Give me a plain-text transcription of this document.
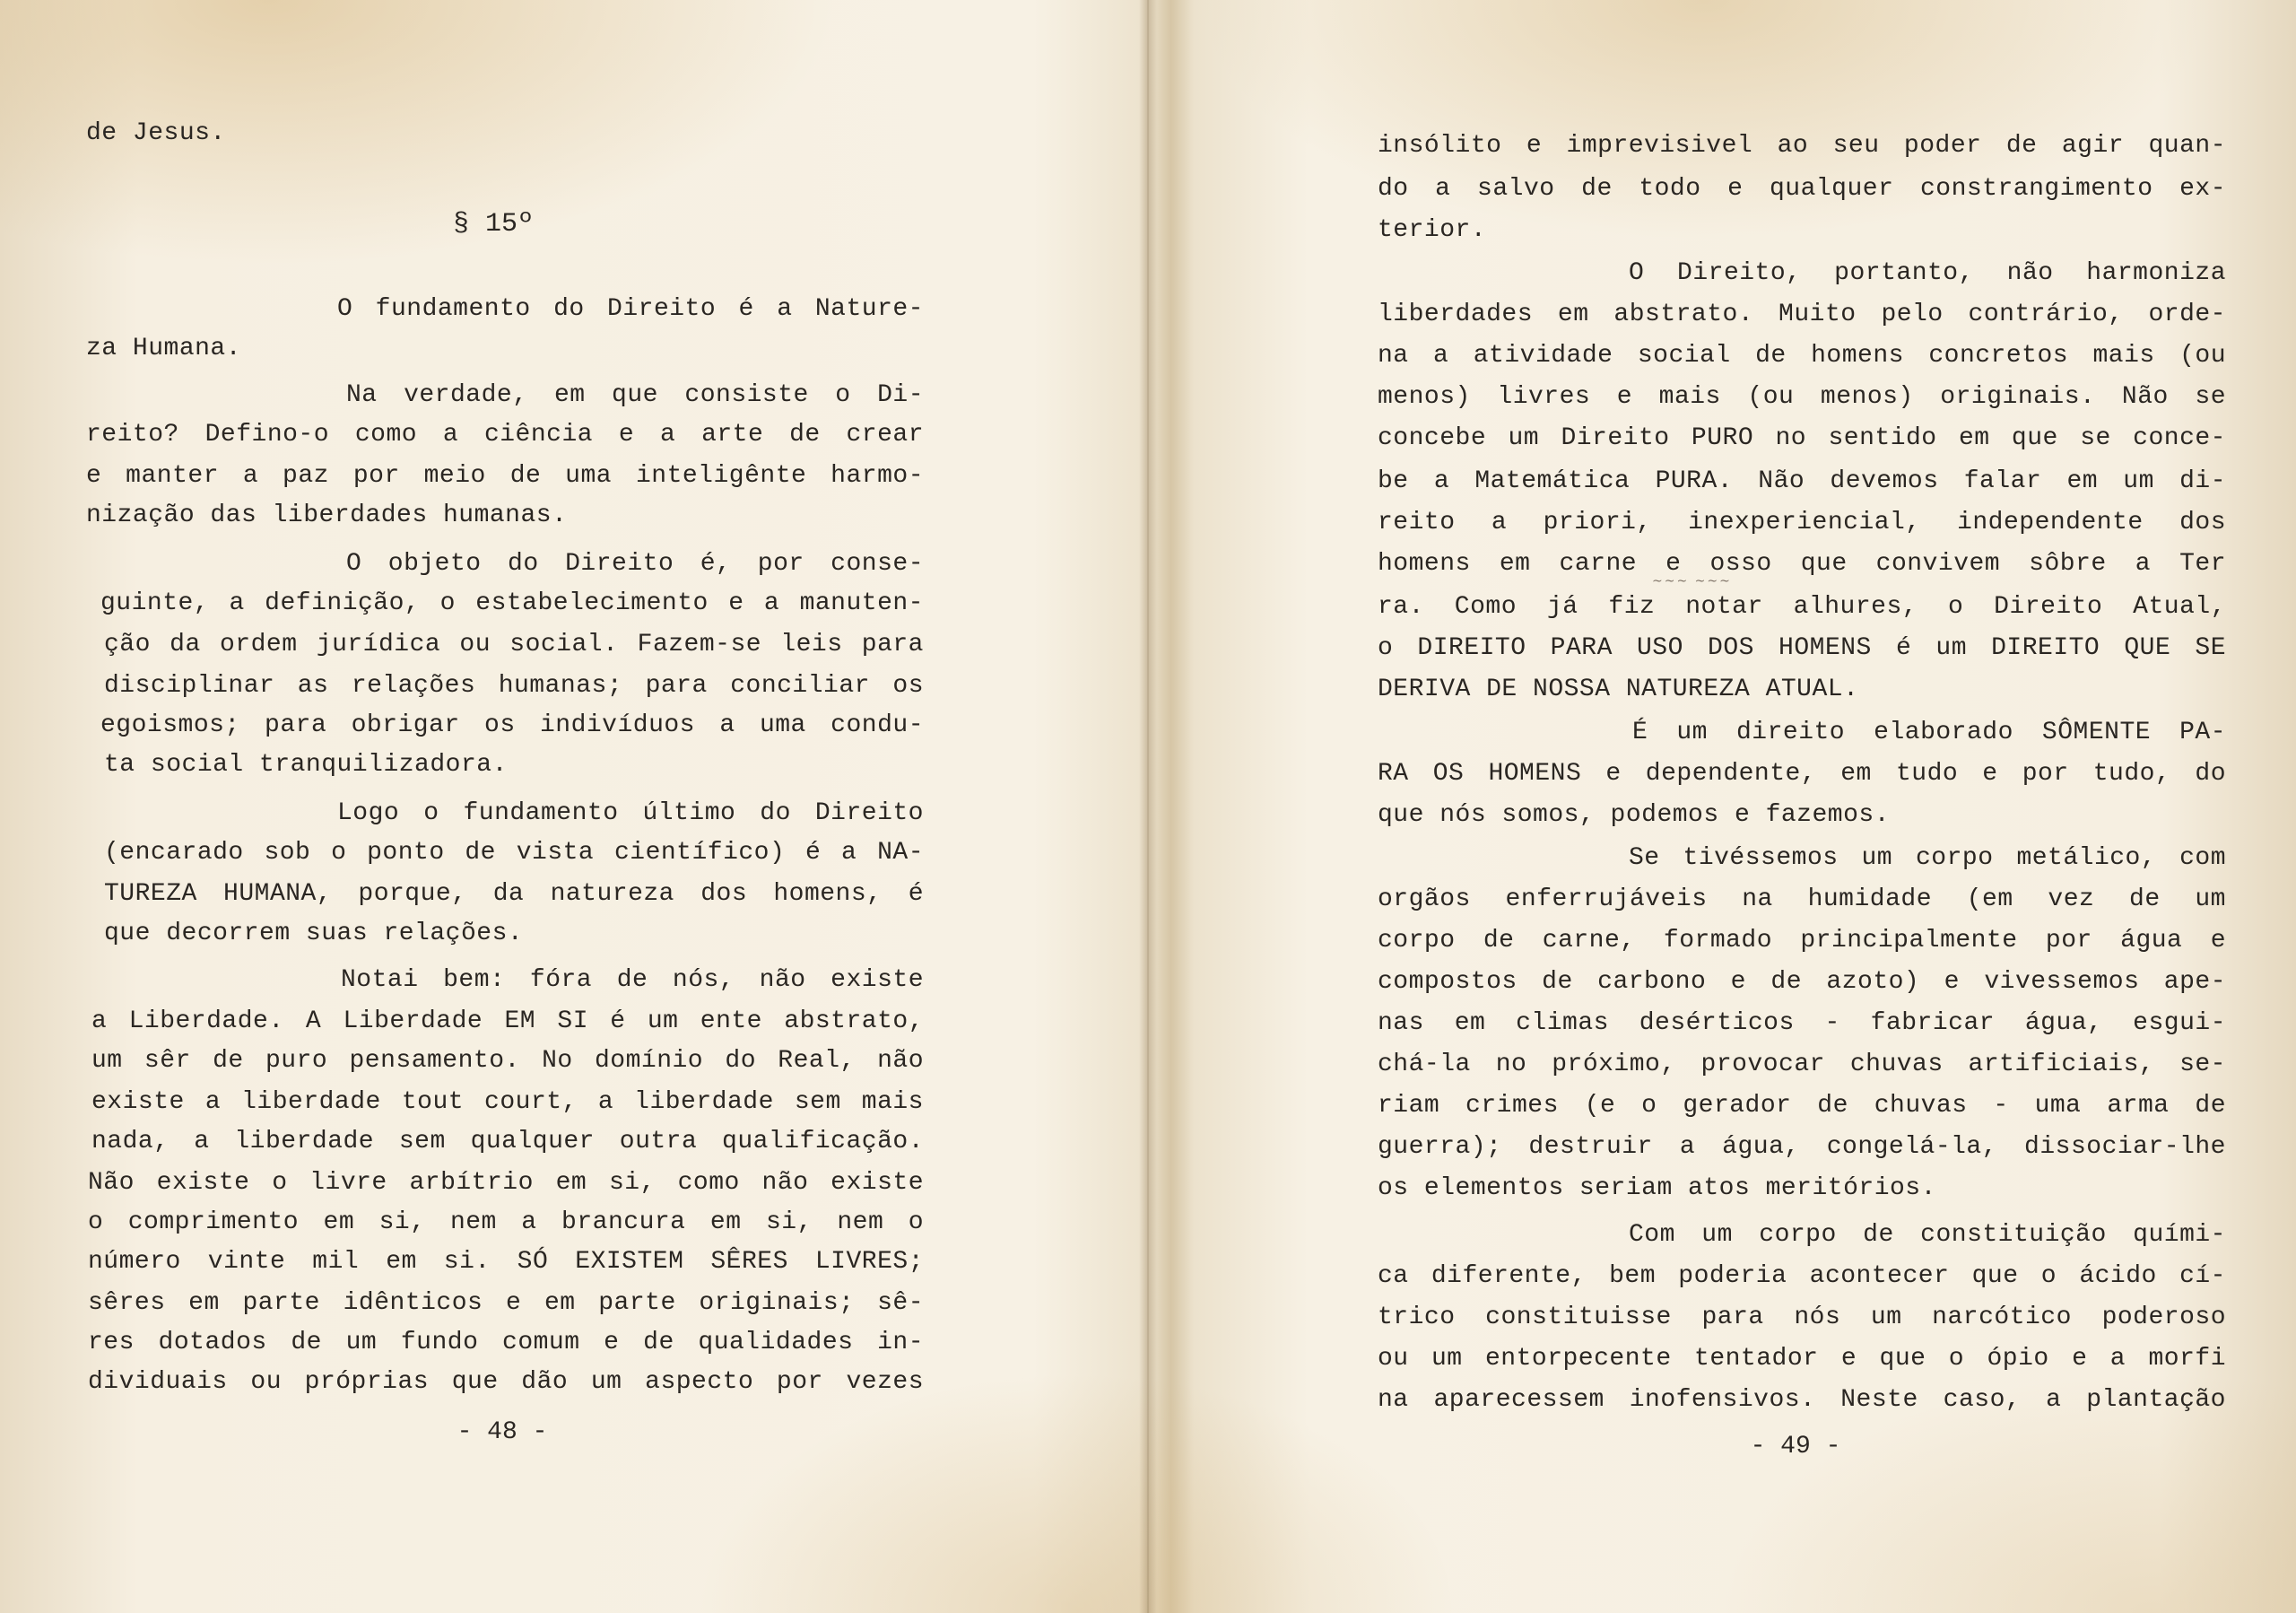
de Jesus.
§ 15º
O fundamento do Direito é a Nature-
za Humana.
Na verdade, em que consiste o Di-
reito? Defino-o como a ciência e a arte de crear
e manter a paz por meio de uma inteligênte harmo-
nização das liberdades humanas.
O objeto do Direito é, por conse-
guinte, a definição, o estabelecimento e a manuten-
ção da ordem jurídica ou social. Fazem-se leis para
disciplinar as relações humanas; para conciliar os
egoismos; para obrigar os indivíduos a uma condu-
ta social tranquilizadora.
Logo o fundamento último do Direito
(encarado sob o ponto de vista científico) é a NA-
TUREZA HUMANA, porque, da natureza dos homens, é
que decorrem suas relações.
Notai bem: fóra de nós, não existe
a Liberdade. A Liberdade EM SI é um ente abstrato,
um sêr de puro pensamento. No domínio do Real, não
existe a liberdade tout court, a liberdade sem mais
nada, a liberdade sem qualquer outra qualificação.
Não existe o livre arbítrio em si, como não existe
o comprimento em si, nem a brancura em si, nem o
número vinte mil em si. SÓ EXISTEM SÊRES LIVRES;
sêres em parte idênticos e em parte originais; sê-
res dotados de um fundo comum e de qualidades in-
dividuais ou próprias que dão um aspecto por vezes
- 48 -
insólito e imprevisivel ao seu poder de agir quan-
do a salvo de todo e qualquer constrangimento ex-
terior.
O Direito, portanto, não harmoniza
liberdades em abstrato. Muito pelo contrário, orde-
na a atividade social de homens concretos mais (ou
menos) livres e mais (ou menos) originais. Não se
concebe um Direito PURO no sentido em que se conce-
be a Matemática PURA. Não devemos falar em um di-
reito a priori, inexperiencial, independente dos
homens em carne e osso que convivem sôbre a Ter
~~~ ~~~
ra. Como já fiz notar alhures, o Direito Atual,
o DIREITO PARA USO DOS HOMENS é um DIREITO QUE SE
DERIVA DE NOSSA NATUREZA ATUAL.
É um direito elaborado SÔMENTE PA-
RA OS HOMENS e dependente, em tudo e por tudo, do
que nós somos, podemos e fazemos.
Se tivéssemos um corpo metálico, com
orgãos enferrujáveis na humidade (em vez de um
corpo de carne, formado principalmente por água e
compostos de carbono e de azoto) e vivessemos ape-
nas em climas desérticos - fabricar água, esgui-
chá-la no próximo, provocar chuvas artificiais, se-
riam crimes (e o gerador de chuvas - uma arma de
guerra); destruir a água, congelá-la, dissociar-lhe
os elementos seriam atos meritórios.
Com um corpo de constituição quími-
ca diferente, bem poderia acontecer que o ácido cí-
trico constituisse para nós um narcótico poderoso
ou um entorpecente tentador e que o ópio e a morfi
na aparecessem inofensivos. Neste caso, a plantação
- 49 -
